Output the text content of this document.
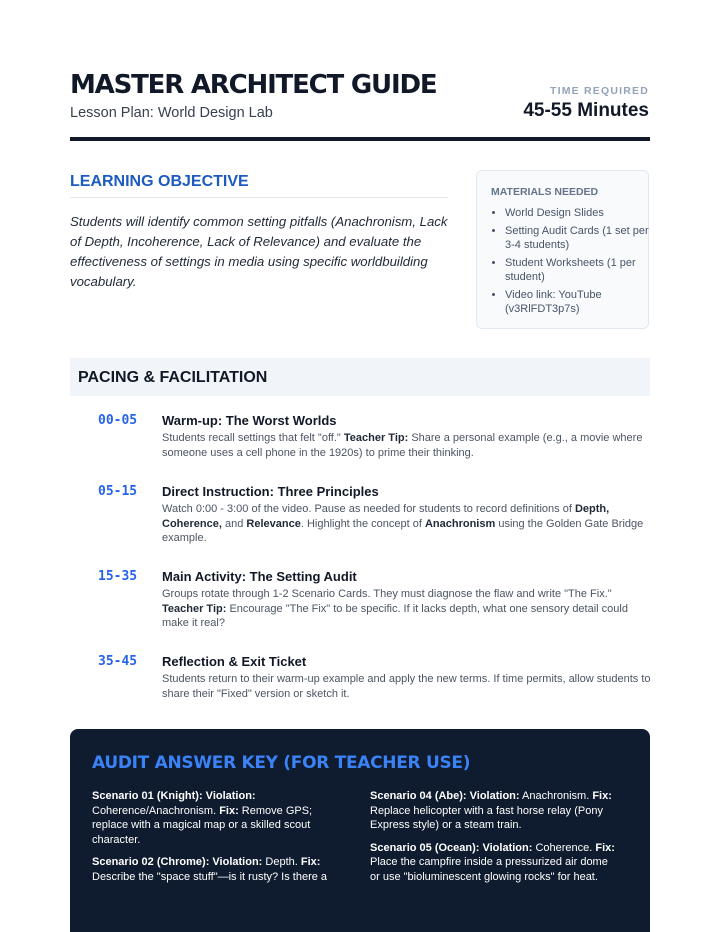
MASTER ARCHITECT GUIDE
Lesson Plan: World Design Lab
TIME REQUIRED
45-55 Minutes
LEARNING OBJECTIVE
Students will identify common setting pitfalls (Anachronism, Lack of Depth, Incoherence, Lack of Relevance) and evaluate the effectiveness of settings in media using specific worldbuilding vocabulary.
MATERIALS NEEDED
• World Design Slides
• Setting Audit Cards (1 set per 3-4 students)
• Student Worksheets (1 per student)
• Video link: YouTube (v3RlFDT3p7s)
PACING & FACILITATION
00-05 Warm-up: The Worst Worlds
Students recall settings that felt "off." Teacher Tip: Share a personal example (e.g., a movie where someone uses a cell phone in the 1920s) to prime their thinking.
05-15 Direct Instruction: Three Principles
Watch 0:00 - 3:00 of the video. Pause as needed for students to record definitions of Depth, Coherence, and Relevance. Highlight the concept of Anachronism using the Golden Gate Bridge example.
15-35 Main Activity: The Setting Audit
Groups rotate through 1-2 Scenario Cards. They must diagnose the flaw and write "The Fix." Teacher Tip: Encourage "The Fix" to be specific. If it lacks depth, what one sensory detail could make it real?
35-45 Reflection & Exit Ticket
Students return to their warm-up example and apply the new terms. If time permits, allow students to share their "Fixed" version or sketch it.
AUDIT ANSWER KEY (FOR TEACHER USE)

Scenario 01 (Knight): Violation: Coherence/Anachronism. Fix: Remove GPS; replace with a magical map or a skilled scout character.

Scenario 02 (Chrome): Violation: Depth. Fix: Describe the "space stuff"—is it rusty? Is there a

Scenario 04 (Abe): Violation: Anachronism. Fix: Replace helicopter with a fast horse relay (Pony Express style) or a steam train.

Scenario 05 (Ocean): Violation: Coherence. Fix: Place the campfire inside a pressurized air dome or use "bioluminescent glowing rocks" for heat.
